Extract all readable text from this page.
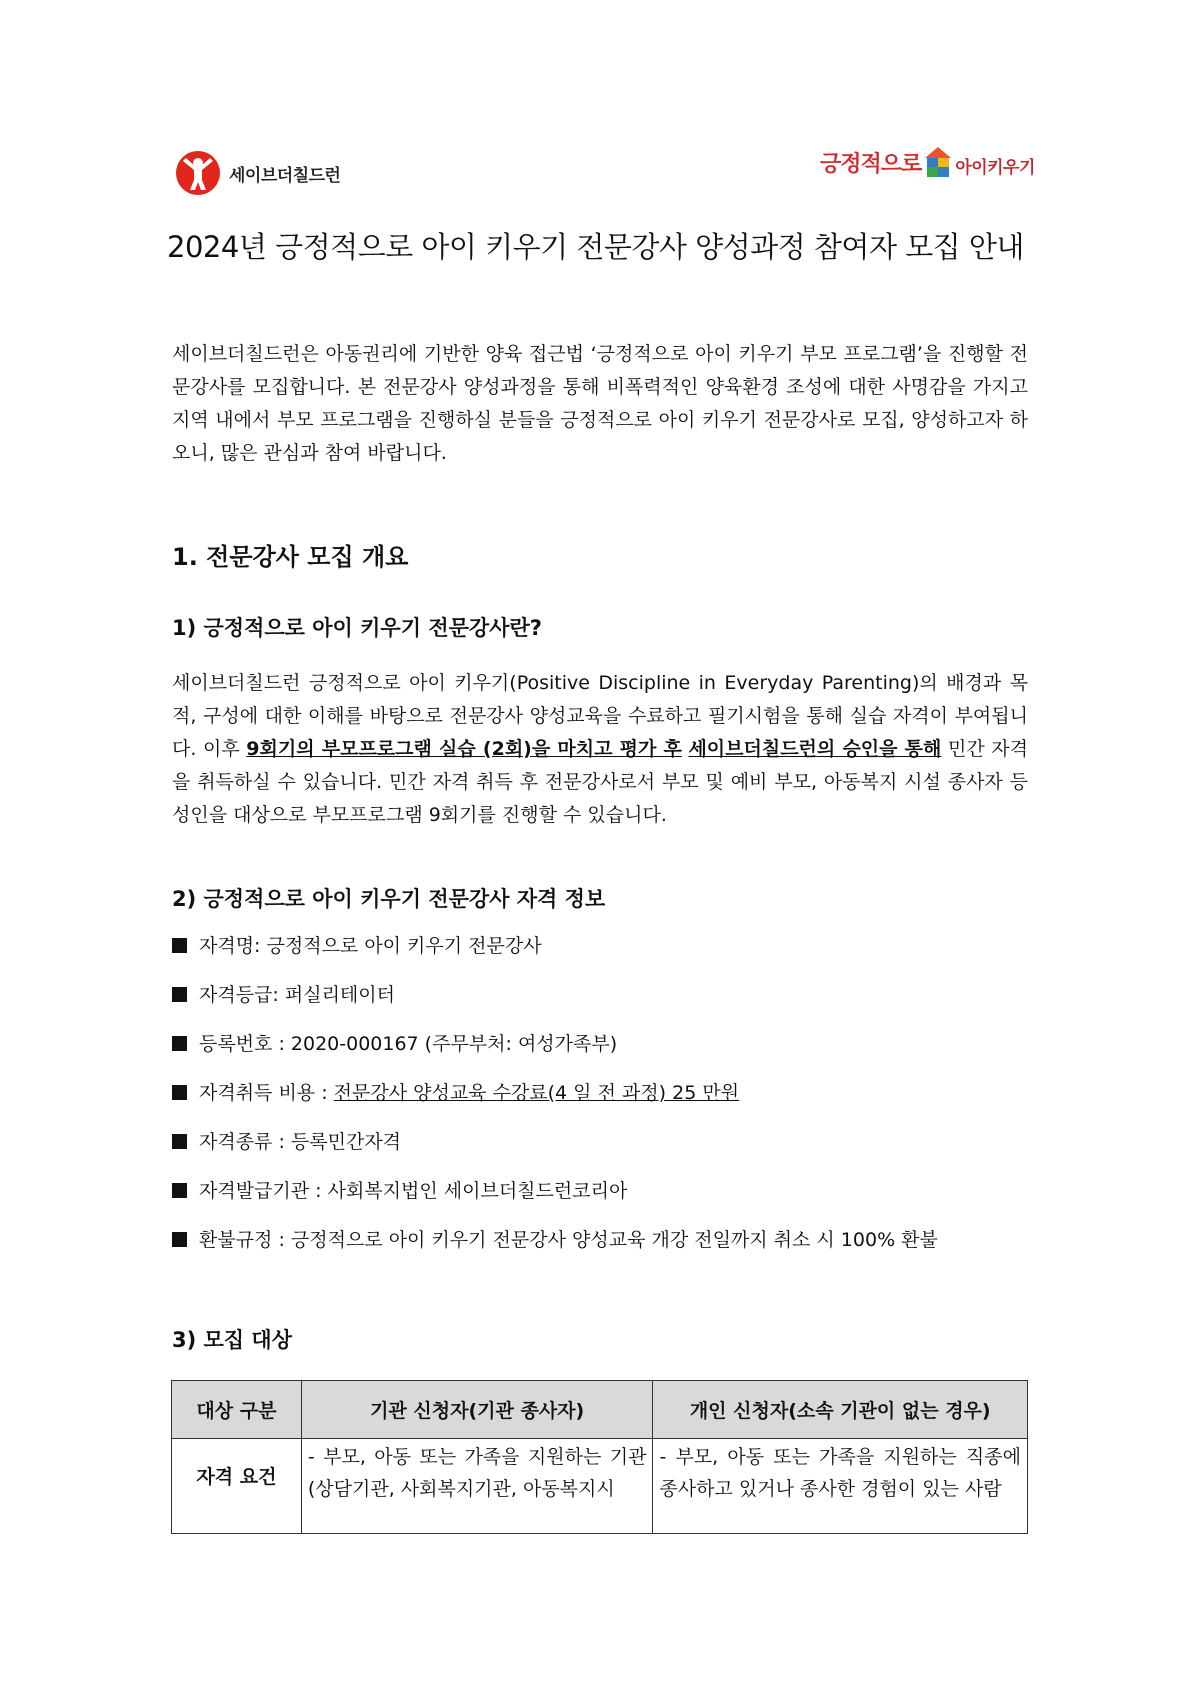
세이브더칠드런	긍정적으로 아이키우기
2024년 긍정적으로 아이 키우기 전문강사 양성과정 참여자 모집 안내

세이브더칠드런은 아동권리에 기반한 양육 접근법 ‘긍정적으로 아이 키우기 부모 프로그램’을 진행할 전문강사를 모집합니다. 본 전문강사 양성과정을 통해 비폭력적인 양육환경 조성에 대한 사명감을 가지고 지역 내에서 부모 프로그램을 진행하실 분들을 긍정적으로 아이 키우기 전문강사로 모집, 양성하고자 하오니, 많은 관심과 참여 바랍니다.

1. 전문강사 모집 개요
1) 긍정적으로 아이 키우기 전문강사란?

세이브더칠드런 긍정적으로 아이 키우기(Positive Discipline in Everyday Parenting)의 배경과 목적, 구성에 대한 이해를 바탕으로 전문강사 양성교육을 수료하고 필기시험을 통해 실습 자격이 부여됩니다. 이후 9회기의 부모프로그램 실습 (2회)을 마치고 평가 후 세이브더칠드런의 승인을 통해 민간 자격을 취득하실 수 있습니다. 민간 자격 취득 후 전문강사로서 부모 및 예비 부모, 아동복지 시설 종사자 등 성인을 대상으로 부모프로그램 9회기를 진행할 수 있습니다.

2) 긍정적으로 아이 키우기 전문강사 자격 정보
자격명: 긍정적으로 아이 키우기 전문강사
자격등급: 퍼실리테이터
등록번호 : 2020-000167 (주무부처: 여성가족부)
자격취득 비용 : 전문강사 양성교육 수강료(4 일 전 과정) 25 만원
자격종류 : 등록민간자격
자격발급기관 : 사회복지법인 세이브더칠드런코리아
환불규정 : 긍정적으로 아이 키우기 전문강사 양성교육 개강 전일까지 취소 시 100% 환불
3) 모집 대상
대상 구분	기관 신청자(기관 종사자)	개인 신청자(소속 기관이 없는 경우)
자격 요건	- 부모, 아동 또는 가족을 지원하는 기관(상담기관, 사회복지기관, 아동복지시	- 부모, 아동 또는 가족을 지원하는 직종에 종사하고 있거나 종사한 경험이 있는 사람
